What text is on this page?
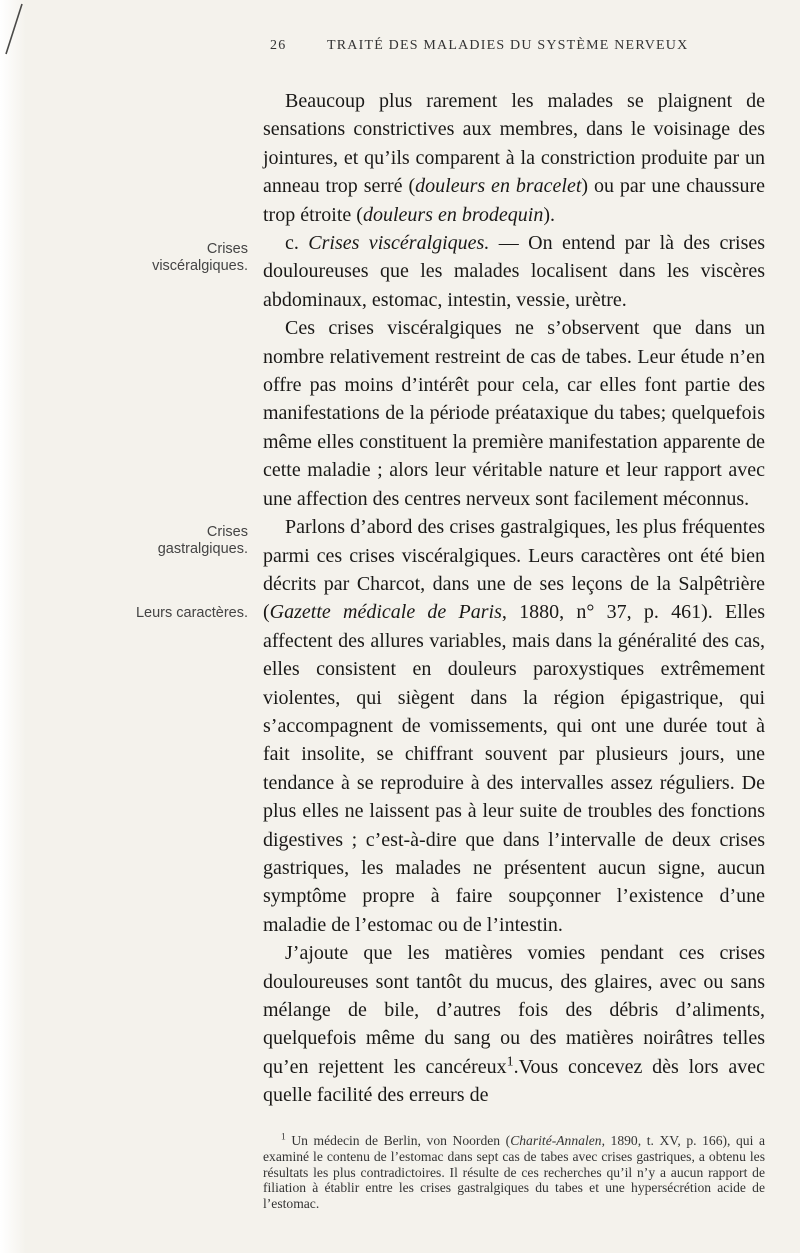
26	TRAITÉ DES MALADIES DU SYSTÈME NERVEUX
Crises
viscéralgiques.
Crises
gastralgiques.
Leurs caractères.

Beaucoup plus rarement les malades se plaignent de sensations constrictives aux membres, dans le voisinage des jointures, et qu’ils comparent à la constriction produite par un anneau trop serré (douleurs en bracelet) ou par une chaussure trop étroite (douleurs en brodequin).

c. Crises viscéralgiques. — On entend par là des crises douloureuses que les malades localisent dans les viscères abdominaux, estomac, intestin, vessie, urètre.

Ces crises viscéralgiques ne s’observent que dans un nombre relativement restreint de cas de tabes. Leur étude n’en offre pas moins d’intérêt pour cela, car elles font partie des manifestations de la période préataxique du tabes; quelquefois même elles constituent la première manifestation apparente de cette maladie ; alors leur véritable nature et leur rapport avec une affection des centres nerveux sont facilement méconnus.

Parlons d’abord des crises gastralgiques, les plus fréquentes parmi ces crises viscéralgiques. Leurs caractères ont été bien décrits par Charcot, dans une de ses leçons de la Salpêtrière (Gazette médicale de Paris, 1880, n° 37, p. 461). Elles affectent des allures variables, mais dans la généralité des cas, elles consistent en douleurs paroxystiques extrêmement violentes, qui siègent dans la région épigastrique, qui s’accompagnent de vomissements, qui ont une durée tout à fait insolite, se chiffrant souvent par plusieurs jours, une tendance à se reproduire à des intervalles assez réguliers. De plus elles ne laissent pas à leur suite de troubles des fonctions digestives ; c’est-à-dire que dans l’intervalle de deux crises gastriques, les malades ne présentent aucun signe, aucun symptôme propre à faire soupçonner l’existence d’une maladie de l’estomac ou de l’intestin.

J’ajoute que les matières vomies pendant ces crises douloureuses sont tantôt du mucus, des glaires, avec ou sans mélange de bile, d’autres fois des débris d’aliments, quelquefois même du sang ou des matières noirâtres telles qu’en rejettent les cancéreux$^1$.Vous concevez dès lors avec quelle facilité des erreurs de

$^1$ Un médecin de Berlin, von Noorden (Charité-Annalen, 1890, t. XV, p. 166), qui a examiné le contenu de l’estomac dans sept cas de tabes avec crises gastriques, a obtenu les résultats les plus contradictoires. Il résulte de ces recherches qu’il n’y a aucun rapport de filiation à établir entre les crises gastralgiques du tabes et une hypersécrétion acide de l’estomac.
